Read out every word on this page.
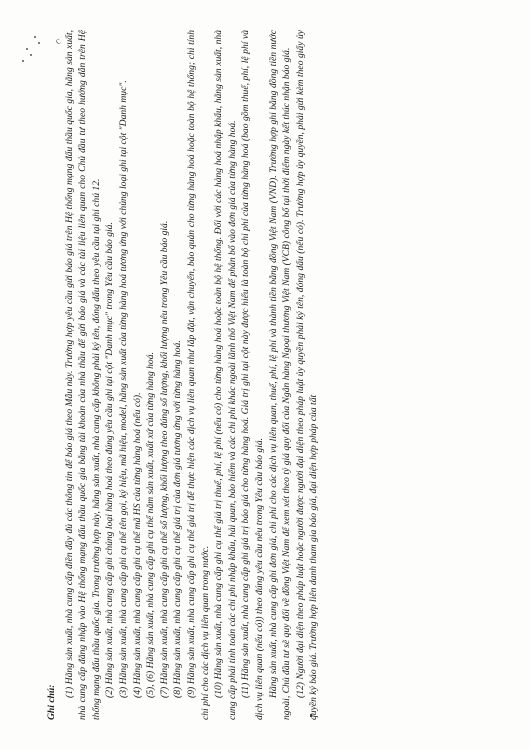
c

Ghi chú:

(1) Hãng sản xuất, nhà cung cấp điền đầy đủ các thông tin để báo giá theo Mẫu này. Trường hợp yêu cầu gửi báo giá trên Hệ thống mạng đấu thầu quốc gia, hãng sản xuất, nhà cung cấp đăng nhập vào Hệ thống mạng đấu thầu quốc gia bằng tài khoản của nhà thầu để gửi báo giá và các tài liệu liên quan cho Chủ đầu tư theo hướng dẫn trên Hệ thống mạng đấu thầu quốc gia. Trong trường hợp này, hãng sản xuất, nhà cung cấp không phải ký tên, đóng dấu theo yêu cầu tại ghi chú 12. (2) Hãng sản xuất, nhà cung cấp ghi chủng loại hàng hoá theo đúng yêu cầu ghi tại cột "Danh mục" trong Yêu cầu báo giá. (3) Hãng sản xuất, nhà cung cấp ghi cụ thể tên gọi, ký hiệu, mã hiệu, model, hãng sản xuất của từng hàng hoá tương ứng với chủng loại ghi tại cột "Danh mục". (4) Hãng sản xuất, nhà cung cấp ghi cụ thể mã HS của từng hàng hoá (nếu có). (5), (6) Hãng sản xuất, nhà cung cấp ghi cụ thể năm sản xuất, xuất xứ của từng hàng hoá. (7) Hãng sản xuất, nhà cung cấp ghi cụ thể số lượng, khối lượng theo đúng số lượng, khối lượng nêu trong Yêu cầu báo giá. (8) Hãng sản xuất, nhà cung cấp ghi cụ thể giá trị của đơn giá tương ứng với từng hàng hoá. (9) Hãng sản xuất, nhà cung cấp ghi cụ thể giá trị để thực hiện các dịch vụ liên quan như lắp đặt, vận chuyển, bảo quản cho từng hàng hoá hoặc toàn bộ hệ thống; chi tính chi phí cho các dịch vụ liên quan trong nước. (10) Hãng sản xuất, nhà cung cấp ghi cụ thể giá trị thuế, phí, lệ phí (nếu có) cho từng hàng hoá hoặc toàn bộ hệ thống. Đối với các hàng hoá nhập khẩu, hãng sản xuất, nhà cung cấp phải tính toán các chi phí nhập khẩu, hải quan, bảo hiểm và các chi phí khác ngoài lãnh thổ Việt Nam để phân bổ vào đơn giá của từng hàng hoá. (11) Hãng sản xuất, nhà cung cấp ghi giá trị báo giá cho từng hàng hoá. Giá trị ghi tại cột này được hiểu là toàn bộ chi phí của từng hàng hoá (bao gồm thuế, phí, lệ phí và dịch vụ liên quan (nếu có)) theo đúng yêu cầu nêu trong Yêu cầu báo giá. Hãng sản xuất, nhà cung cấp ghi đơn giá, chi phí cho các dịch vụ liên quan, thuế, phí, lệ phí và thành tiền bằng đồng Việt Nam (VND). Trường hợp ghi bằng đồng tiền nước ngoài, Chủ đầu tư sẽ quy đổi về đồng Việt Nam để xem xét theo tỷ giá quy đổi của Ngân hàng Ngoại thương Việt Nam (VCB) công bố tại thời điểm ngày kết thúc nhận báo giá. (12) Người đại diện theo pháp luật hoặc người được người đại diện theo pháp luật ủy quyền phải ký tên, đóng dấu (nếu có). Trường hợp ủy quyền, phải gửi kèm theo giấy ủy quyền ký báo giá. Trường hợp liên danh tham gia báo giá, đại diện hợp pháp của tất
